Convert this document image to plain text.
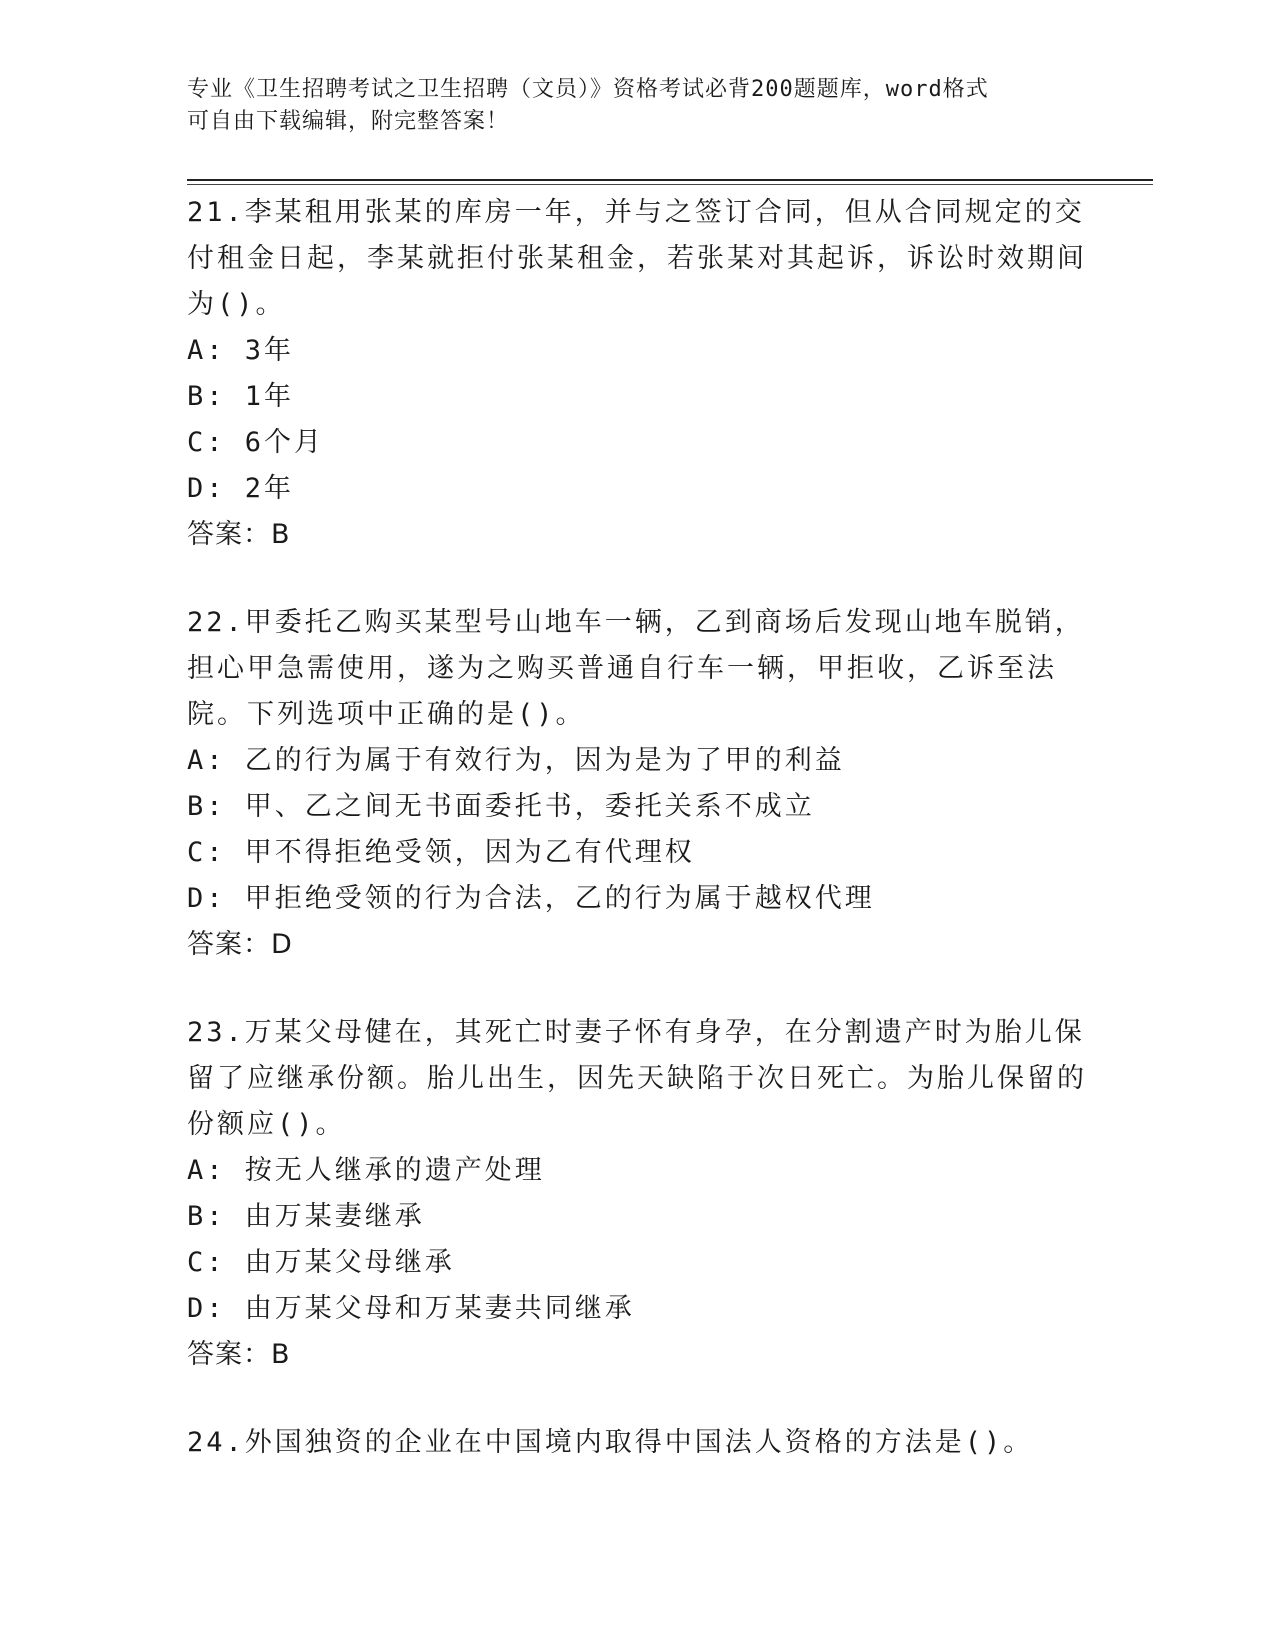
专业《卫生招聘考试之卫生招聘（文员）》资格考试必背200题题库，word格式
可自由下载编辑，附完整答案！
21.李某租用张某的库房一年，并与之签订合同，但从合同规定的交付租金日起，李某就拒付张某租金，若张某对其起诉，诉讼时效期间为()。
A: 3年
B: 1年
C: 6个月
D: 2年
答案：B
22.甲委托乙购买某型号山地车一辆，乙到商场后发现山地车脱销，担心甲急需使用，遂为之购买普通自行车一辆，甲拒收，乙诉至法院。下列选项中正确的是()。
A: 乙的行为属于有效行为，因为是为了甲的利益
B: 甲、乙之间无书面委托书，委托关系不成立
C: 甲不得拒绝受领，因为乙有代理权
D: 甲拒绝受领的行为合法，乙的行为属于越权代理
答案：D
23.万某父母健在，其死亡时妻子怀有身孕，在分割遗产时为胎儿保留了应继承份额。胎儿出生，因先天缺陷于次日死亡。为胎儿保留的份额应()。
A: 按无人继承的遗产处理
B: 由万某妻继承
C: 由万某父母继承
D: 由万某父母和万某妻共同继承
答案：B
24.外国独资的企业在中国境内取得中国法人资格的方法是()。
